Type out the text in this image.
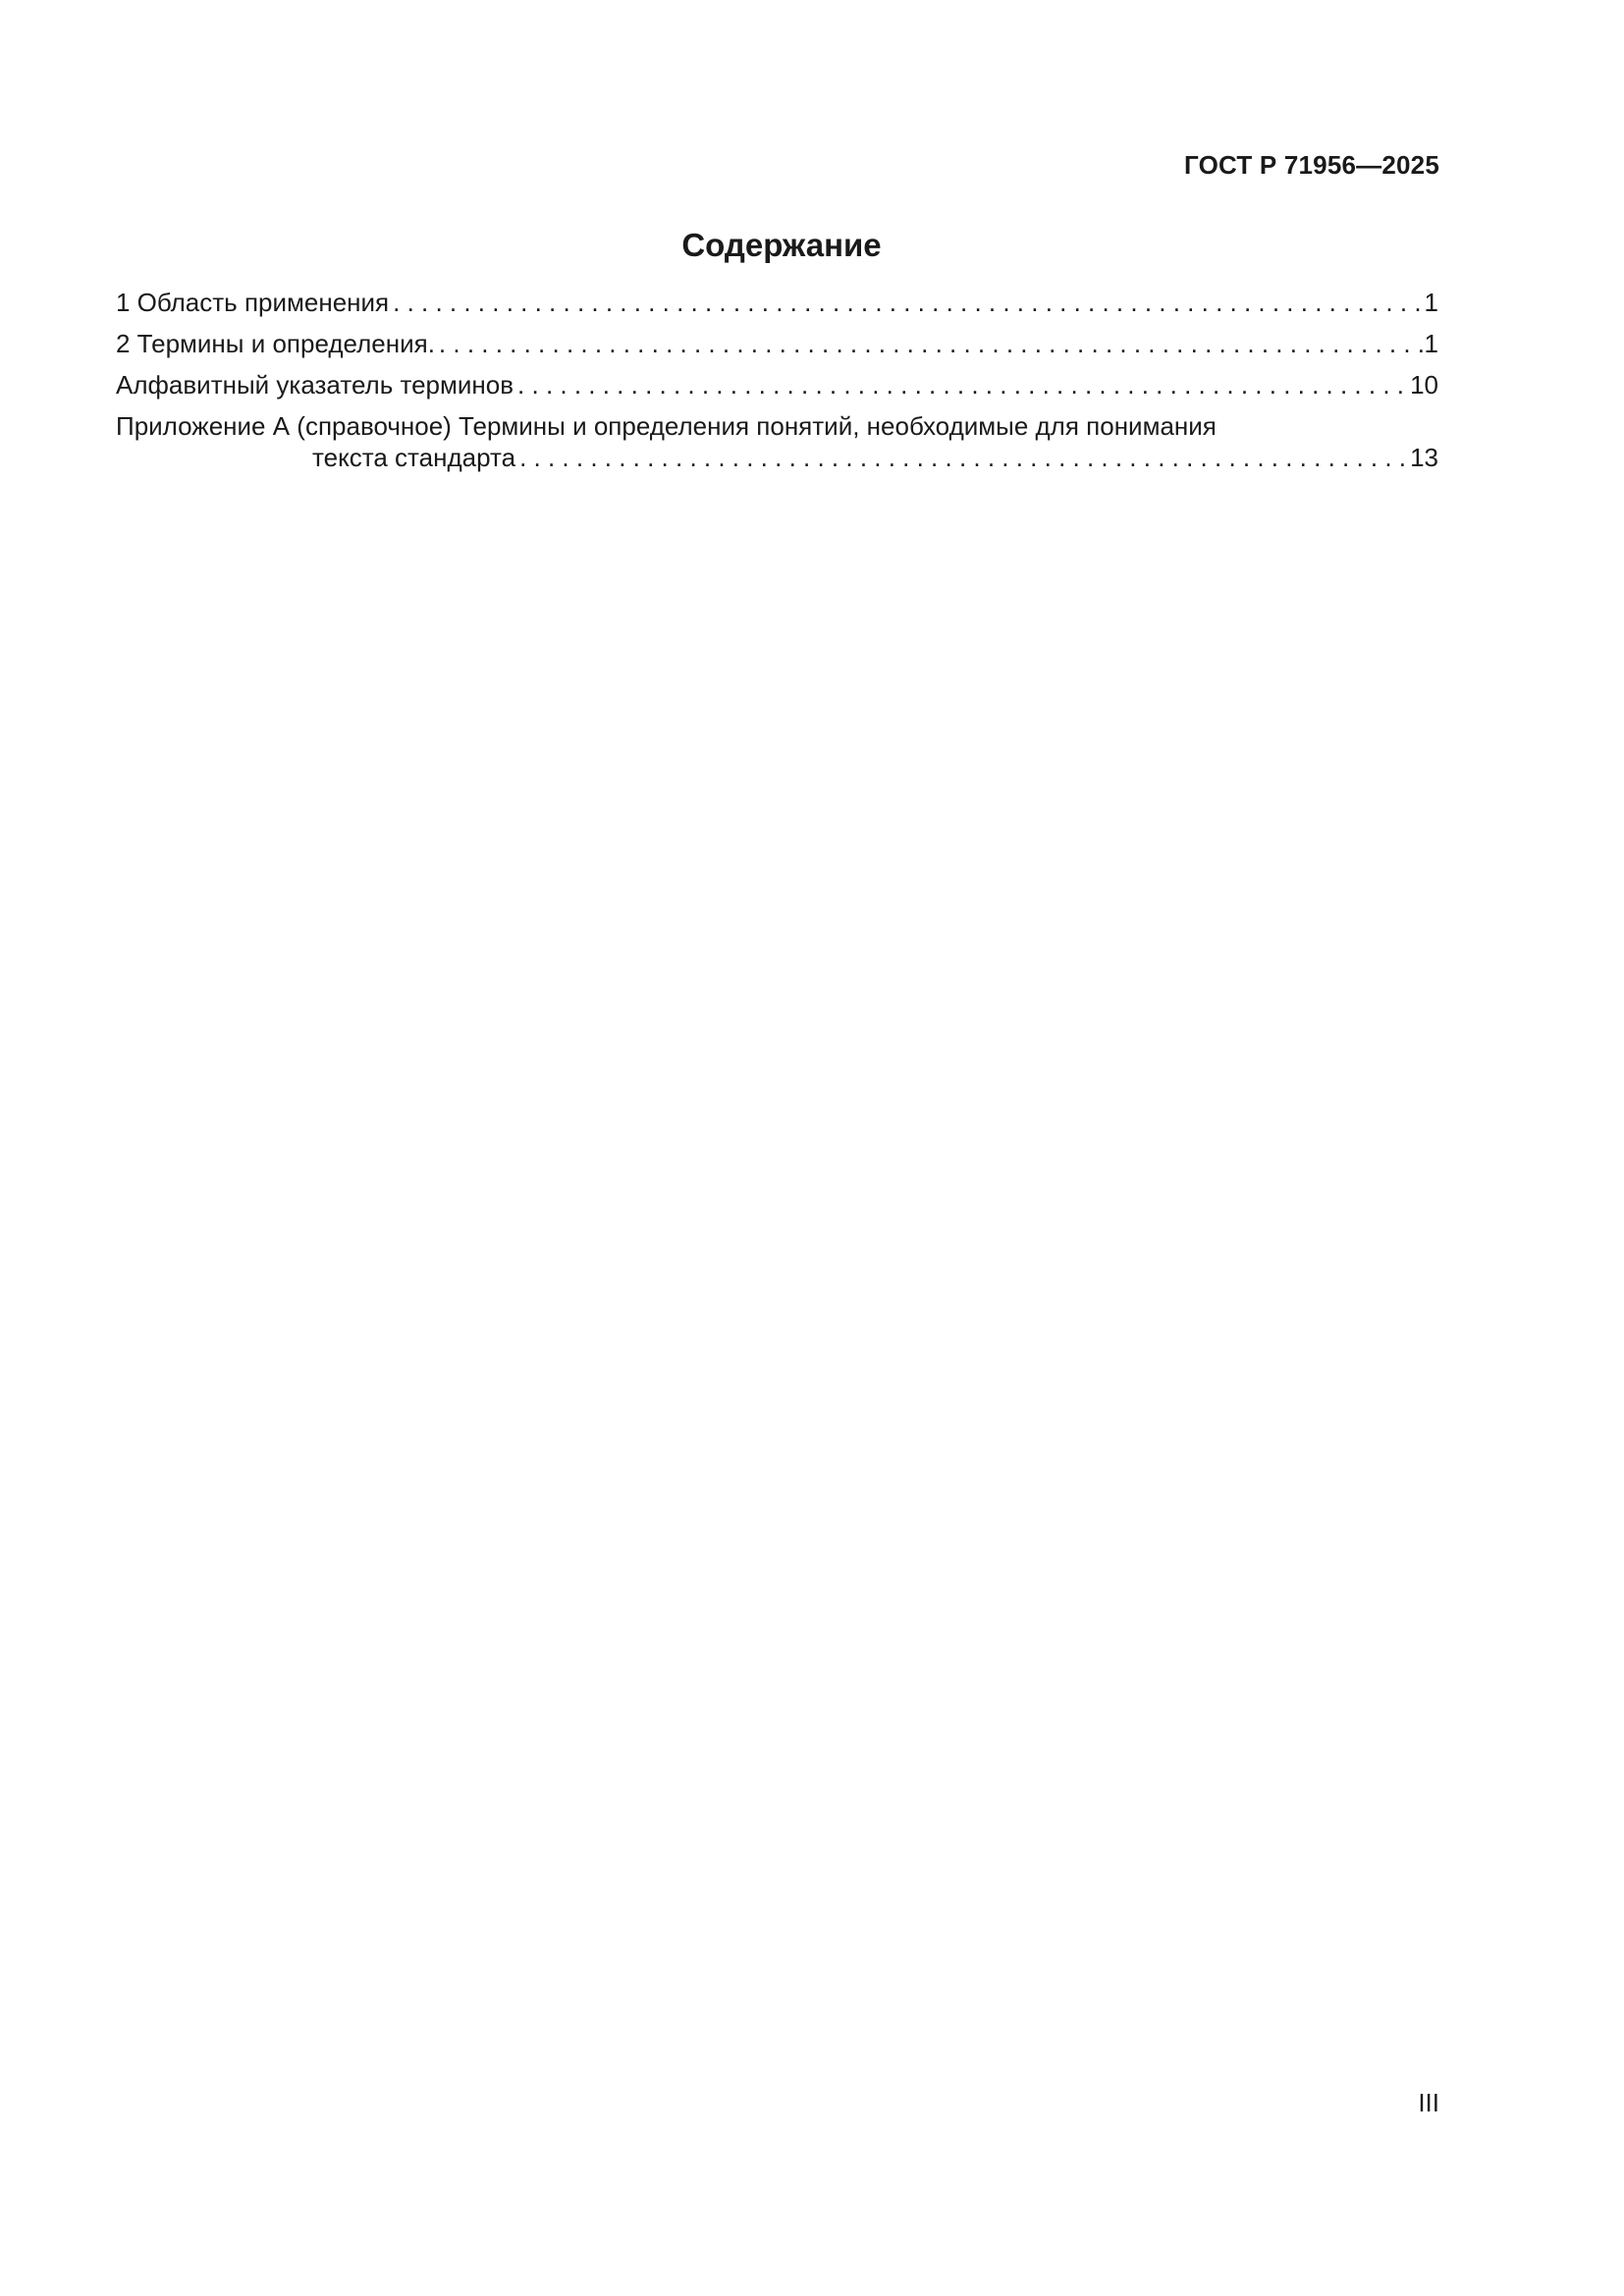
ГОСТ Р 71956—2025

Содержание
1 Область применения . . .	1
2 Термины и определения. . . .	1
Алфавитный указатель терминов . . .	10
Приложение А (справочное) Термины и определения понятий, необходимые для понимания
текста стандарта . . .	13

III
